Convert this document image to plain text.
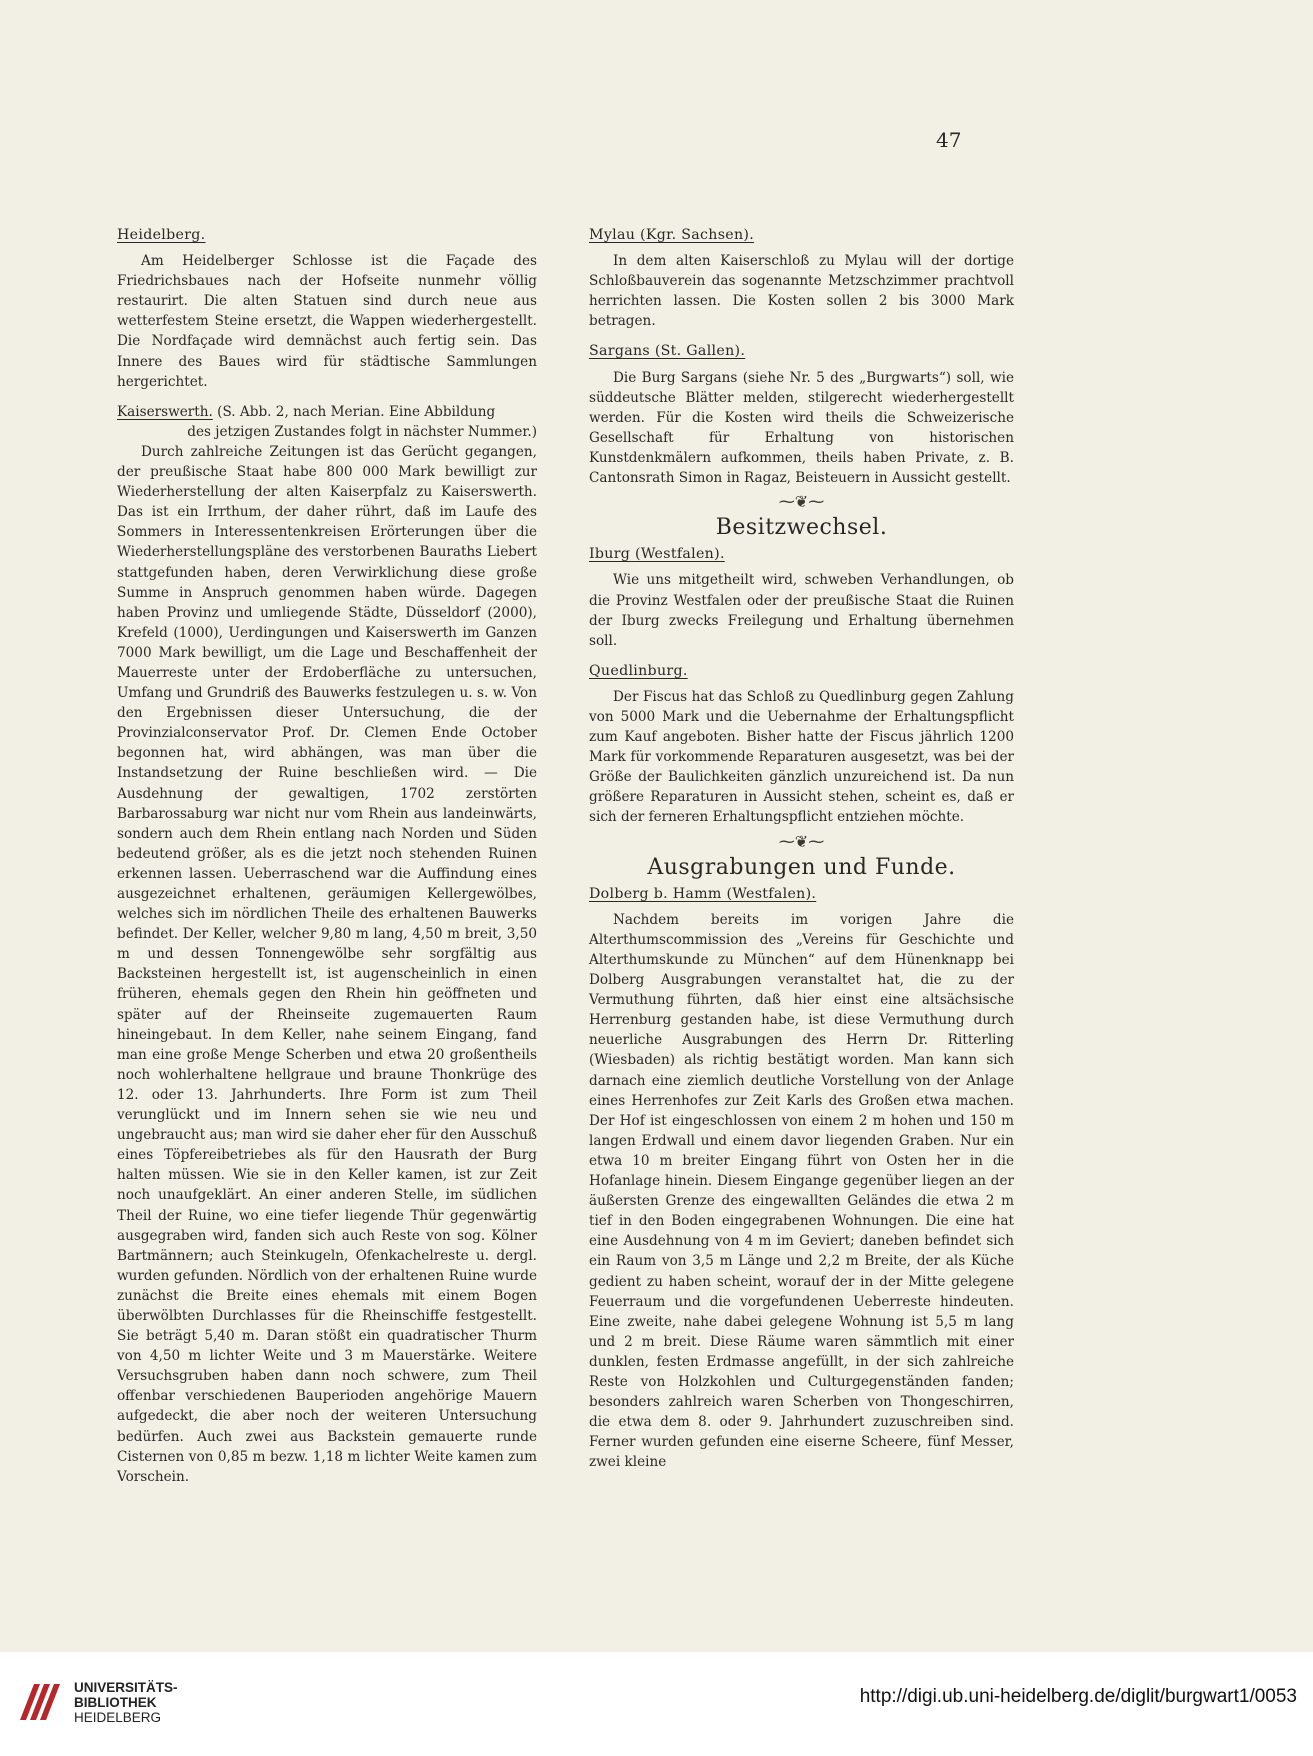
47
Heidelberg.

Am Heidelberger Schlosse ist die Façade des Friedrichsbaues nach der Hofseite nunmehr völlig restaurirt. Die alten Statuen sind durch neue aus wetterfestem Steine ersetzt, die Wappen wiederhergestellt. Die Nordfaçade wird demnächst auch fertig sein. Das Innere des Baues wird für städtische Sammlungen hergerichtet.

Kaiserswerth. (S. Abb. 2, nach Merian. Eine Abbildung
des jetzigen Zustandes folgt in nächster Nummer.)

Durch zahlreiche Zeitungen ist das Gerücht gegangen, der preußische Staat habe 800 000 Mark bewilligt zur Wiederherstellung der alten Kaiserpfalz zu Kaiserswerth. Das ist ein Irrthum, der daher rührt, daß im Laufe des Sommers in Interessentenkreisen Erörterungen über die Wiederherstellungspläne des verstorbenen Bauraths Liebert stattgefunden haben, deren Verwirklichung diese große Summe in Anspruch genommen haben würde. Dagegen haben Provinz und umliegende Städte, Düsseldorf (2000), Krefeld (1000), Uerdingungen und Kaiserswerth im Ganzen 7000 Mark bewilligt, um die Lage und Beschaffenheit der Mauerreste unter der Erdoberfläche zu untersuchen, Umfang und Grundriß des Bauwerks festzulegen u. s. w. Von den Ergebnissen dieser Untersuchung, die der Provinzialconservator Prof. Dr. Clemen Ende October begonnen hat, wird abhängen, was man über die Instandsetzung der Ruine beschließen wird. — Die Ausdehnung der gewaltigen, 1702 zerstörten Barbarossaburg war nicht nur vom Rhein aus landeinwärts, sondern auch dem Rhein entlang nach Norden und Süden bedeutend größer, als es die jetzt noch stehenden Ruinen erkennen lassen. Ueberraschend war die Auffindung eines ausgezeichnet erhaltenen, geräumigen Kellergewölbes, welches sich im nördlichen Theile des erhaltenen Bauwerks befindet. Der Keller, welcher 9,80 m lang, 4,50 m breit, 3,50 m und dessen Tonnengewölbe sehr sorgfältig aus Backsteinen hergestellt ist, ist augenscheinlich in einen früheren, ehemals gegen den Rhein hin geöffneten und später auf der Rheinseite zugemauerten Raum hineingebaut. In dem Keller, nahe seinem Eingang, fand man eine große Menge Scherben und etwa 20 großentheils noch wohlerhaltene hellgraue und braune Thonkrüge des 12. oder 13. Jahrhunderts. Ihre Form ist zum Theil verunglückt und im Innern sehen sie wie neu und ungebraucht aus; man wird sie daher eher für den Ausschuß eines Töpfereibetriebes als für den Hausrath der Burg halten müssen. Wie sie in den Keller kamen, ist zur Zeit noch unaufgeklärt. An einer anderen Stelle, im südlichen Theil der Ruine, wo eine tiefer liegende Thür gegenwärtig ausgegraben wird, fanden sich auch Reste von sog. Kölner Bartmännern; auch Steinkugeln, Ofenkachelreste u. dergl. wurden gefunden. Nördlich von der erhaltenen Ruine wurde zunächst die Breite eines ehemals mit einem Bogen überwölbten Durchlasses für die Rheinschiffe festgestellt. Sie beträgt 5,40 m. Daran stößt ein quadratischer Thurm von 4,50 m lichter Weite und 3 m Mauerstärke. Weitere Versuchsgruben haben dann noch schwere, zum Theil offenbar verschiedenen Bauperioden angehörige Mauern aufgedeckt, die aber noch der weiteren Untersuchung bedürfen. Auch zwei aus Backstein gemauerte runde Cisternen von 0,85 m bezw. 1,18 m lichter Weite kamen zum Vorschein.

Mylau (Kgr. Sachsen).

In dem alten Kaiserschloß zu Mylau will der dortige Schloßbauverein das sogenannte Metzschzimmer prachtvoll herrichten lassen. Die Kosten sollen 2 bis 3000 Mark betragen.

Sargans (St. Gallen).

Die Burg Sargans (siehe Nr. 5 des „Burgwarts“) soll, wie süddeutsche Blätter melden, stilgerecht wiederhergestellt werden. Für die Kosten wird theils die Schweizerische Gesellschaft für Erhaltung von historischen Kunstdenkmälern aufkommen, theils haben Private, z. B. Cantonsrath Simon in Ragaz, Beisteuern in Aussicht gestellt.

⁓❦⁓
Besitzwechsel.
Iburg (Westfalen).

Wie uns mitgetheilt wird, schweben Verhandlungen, ob die Provinz Westfalen oder der preußische Staat die Ruinen der Iburg zwecks Freilegung und Erhaltung übernehmen soll.

Quedlinburg.

Der Fiscus hat das Schloß zu Quedlinburg gegen Zahlung von 5000 Mark und die Uebernahme der Erhaltungspflicht zum Kauf angeboten. Bisher hatte der Fiscus jährlich 1200 Mark für vorkommende Reparaturen ausgesetzt, was bei der Größe der Baulichkeiten gänzlich unzureichend ist. Da nun größere Reparaturen in Aussicht stehen, scheint es, daß er sich der ferneren Erhaltungspflicht entziehen möchte.

⁓❦⁓
Ausgrabungen und Funde.
Dolberg b. Hamm (Westfalen).

Nachdem bereits im vorigen Jahre die Alterthumscommission des „Vereins für Geschichte und Alterthumskunde zu München“ auf dem Hünenknapp bei Dolberg Ausgrabungen veranstaltet hat, die zu der Vermuthung führten, daß hier einst eine altsächsische Herrenburg gestanden habe, ist diese Vermuthung durch neuerliche Ausgrabungen des Herrn Dr. Ritterling (Wiesbaden) als richtig bestätigt worden. Man kann sich darnach eine ziemlich deutliche Vorstellung von der Anlage eines Herrenhofes zur Zeit Karls des Großen etwa machen. Der Hof ist eingeschlossen von einem 2 m hohen und 150 m langen Erdwall und einem davor liegenden Graben. Nur ein etwa 10 m breiter Eingang führt von Osten her in die Hofanlage hinein. Diesem Eingange gegenüber liegen an der äußersten Grenze des eingewallten Geländes die etwa 2 m tief in den Boden eingegrabenen Wohnungen. Die eine hat eine Ausdehnung von 4 m im Geviert; daneben befindet sich ein Raum von 3,5 m Länge und 2,2 m Breite, der als Küche gedient zu haben scheint, worauf der in der Mitte gelegene Feuerraum und die vorgefundenen Ueberreste hindeuten. Eine zweite, nahe dabei gelegene Wohnung ist 5,5 m lang und 2 m breit. Diese Räume waren sämmtlich mit einer dunklen, festen Erdmasse angefüllt, in der sich zahlreiche Reste von Holzkohlen und Culturgegenständen fanden; besonders zahlreich waren Scherben von Thongeschirren, die etwa dem 8. oder 9. Jahrhundert zuzuschreiben sind. Ferner wurden gefunden eine eiserne Scheere, fünf Messer, zwei kleine

UNIVERSITÄTS-
BIBLIOTHEK
HEIDELBERG
http://digi.ub.uni-heidelberg.de/diglit/burgwart1/0053
